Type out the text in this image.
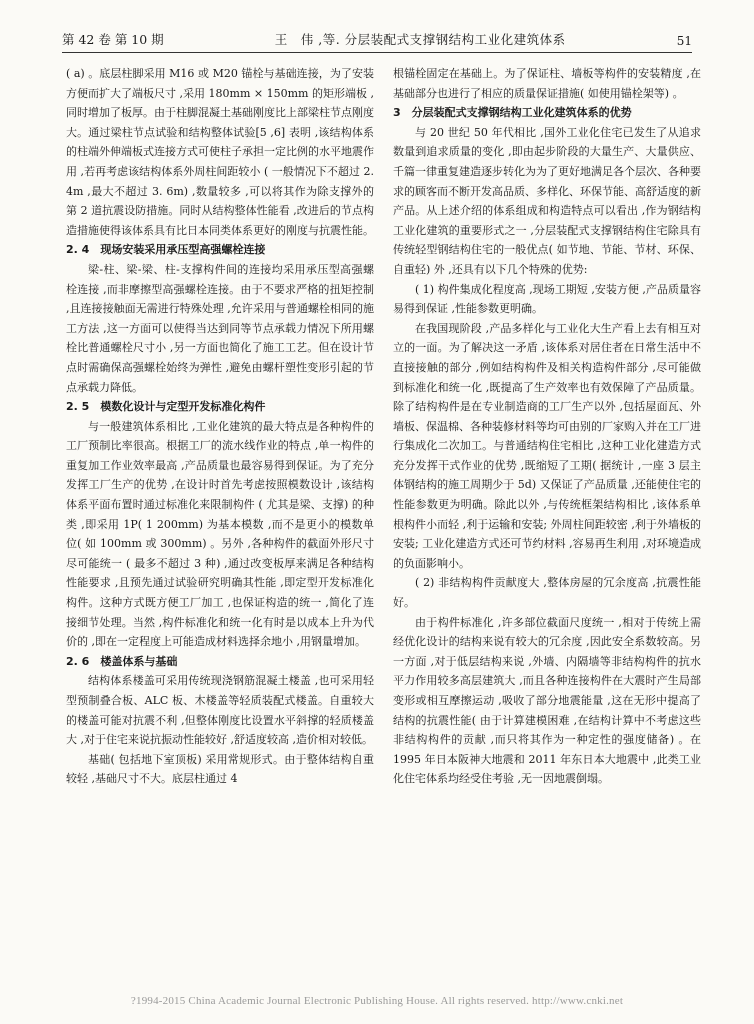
第 42 卷 第 10 期	王　伟 ,等. 分层装配式支撑钢结构工业化建筑体系	51

( a) 。底层柱脚采用 M16 或 M20 锚栓与基础连接，为了安装方便而扩大了端板尺寸 ,采用 180mm × 150mm 的矩形端板 ,同时增加了板厚。由于柱脚混凝土基础刚度比上部梁柱节点刚度大。通过梁柱节点试验和结构整体试验[5 ,6] 表明 ,该结构体系的柱端外伸端板式连接方式可使柱子承担一定比例的水平地震作用 ,若再考虑该结构体系外周柱间距较小 ( 一般情况下不超过 2. 4m ,最大不超过 3. 6m) ,数量较多 ,可以将其作为除支撑外的第 2 道抗震设防措施。同时从结构整体性能看 ,改进后的节点构造措施使得该体系具有比日本同类体系更好的刚度与抗震性能。

2. 4　现场安装采用承压型高强螺栓连接

梁-柱、梁-梁、柱-支撑构件间的连接均采用承压型高强螺栓连接 ,而非摩擦型高强螺栓连接。由于不要求严格的扭矩控制 ,且连接接触面无需进行特殊处理 ,允许采用与普通螺栓相同的施工方法 ,这一方面可以使得当达到同等节点承载力情况下所用螺栓比普通螺栓尺寸小 ,另一方面也简化了施工工艺。但在设计节点时需确保高强螺栓始终为弹性 ,避免由螺杆塑性变形引起的节点承载力降低。

2. 5　模数化设计与定型开发标准化构件

与一般建筑体系相比 ,工业化建筑的最大特点是各种构件的工厂预制比率很高。根据工厂的流水线作业的特点 ,单一构件的重复加工作业效率最高 ,产品质量也最容易得到保证。为了充分发挥工厂生产的优势 ,在设计时首先考虑按照模数设计 ,该结构体系平面布置时通过标准化来限制构件 ( 尤其是梁、支撑) 的种类 ,即采用 1P( 1 200mm) 为基本模数 ,而不是更小的模数单位( 如 100mm 或 300mm) 。另外 ,各种构件的截面外形尺寸尽可能统一 ( 最多不超过 3 种) ,通过改变板厚来满足各种结构性能要求 ,且预先通过试验研究明确其性能 ,即定型开发标准化构件。这种方式既方便工厂加工 ,也保证构造的统一 ,简化了连接细节处理。当然 ,构件标准化和统一化有时是以成本上升为代价的 ,即在一定程度上可能造成材料选择余地小 ,用钢量增加。

2. 6　楼盖体系与基础

结构体系楼盖可采用传统现浇钢筋混凝土楼盖 ,也可采用轻型预制叠合板、ALC 板、木楼盖等轻质装配式楼盖。自重较大的楼盖可能对抗震不利 ,但整体刚度比设置水平斜撑的轻质楼盖大 ,对于住宅来说抗振动性能较好 ,舒适度较高 ,造价相对较低。

基础( 包括地下室顶板) 采用常规形式。由于整体结构自重较轻 ,基础尺寸不大。底层柱通过 4

根锚栓固定在基础上。为了保证柱、墙板等构件的安装精度 ,在基础部分也进行了相应的质量保证措施( 如使用锚栓架等) 。

3　分层装配式支撑钢结构工业化建筑体系的优势

与 20 世纪 50 年代相比 ,国外工业化住宅已发生了从追求数量到追求质量的变化 ,即由起步阶段的大量生产、大量供应、千篇一律重复建造逐步转化为为了更好地满足各个层次、各种要求的顾客而不断开发高品质、多样化、环保节能、高舒适度的新产品。从上述介绍的体系组成和构造特点可以看出 ,作为钢结构工业化建筑的重要形式之一 ,分层装配式支撑钢结构住宅除具有传统轻型钢结构住宅的一般优点( 如节地、节能、节材、环保、自重轻) 外 ,还具有以下几个特殊的优势:

( 1) 构件集成化程度高 ,现场工期短 ,安装方便 ,产品质量容易得到保证 ,性能参数更明确。

在我国现阶段 ,产品多样化与工业化大生产看上去有相互对立的一面。为了解决这一矛盾 ,该体系对居住者在日常生活中不直接接触的部分 ,例如结构构件及相关构造构件部分 ,尽可能做到标准化和统一化 ,既提高了生产效率也有效保障了产品质量。除了结构构件是在专业制造商的工厂生产以外 ,包括屋面瓦、外墙板、保温棉、各种装修材料等均可由别的厂家购入并在工厂进行集成化二次加工。与普通结构住宅相比 ,这种工业化建造方式充分发挥干式作业的优势 ,既缩短了工期( 据统计 ,一座 3 层主体钢结构的施工周期少于 5d) 又保证了产品质量 ,还能使住宅的性能参数更为明确。除此以外 ,与传统框架结构相比 ,该体系单根构件小而轻 ,利于运输和安装; 外周柱间距较密 ,利于外墙板的安装; 工业化建造方式还可节约材料 ,容易再生利用 ,对环境造成的负面影响小。

( 2) 非结构构件贡献度大 ,整体房屋的冗余度高 ,抗震性能好。

由于构件标准化 ,许多部位截面尺度统一 ,相对于传统上需经优化设计的结构来说有较大的冗余度 ,因此安全系数较高。另一方面 ,对于低层结构来说 ,外墙、内隔墙等非结构构件的抗水平力作用较多高层建筑大 ,而且各种连接构件在大震时产生局部变形或相互摩擦运动 ,吸收了部分地震能量 ,这在无形中提高了结构的抗震性能( 由于计算建模困难 ,在结构计算中不考虑这些非结构构件的贡献 ,而只将其作为一种定性的强度储备) 。在 1995 年日本阪神大地震和 2011 年东日本大地震中 ,此类工业化住宅体系均经受住考验 ,无一因地震倒塌。

?1994-2015 China Academic Journal Electronic Publishing House. All rights reserved. http://www.cnki.net
